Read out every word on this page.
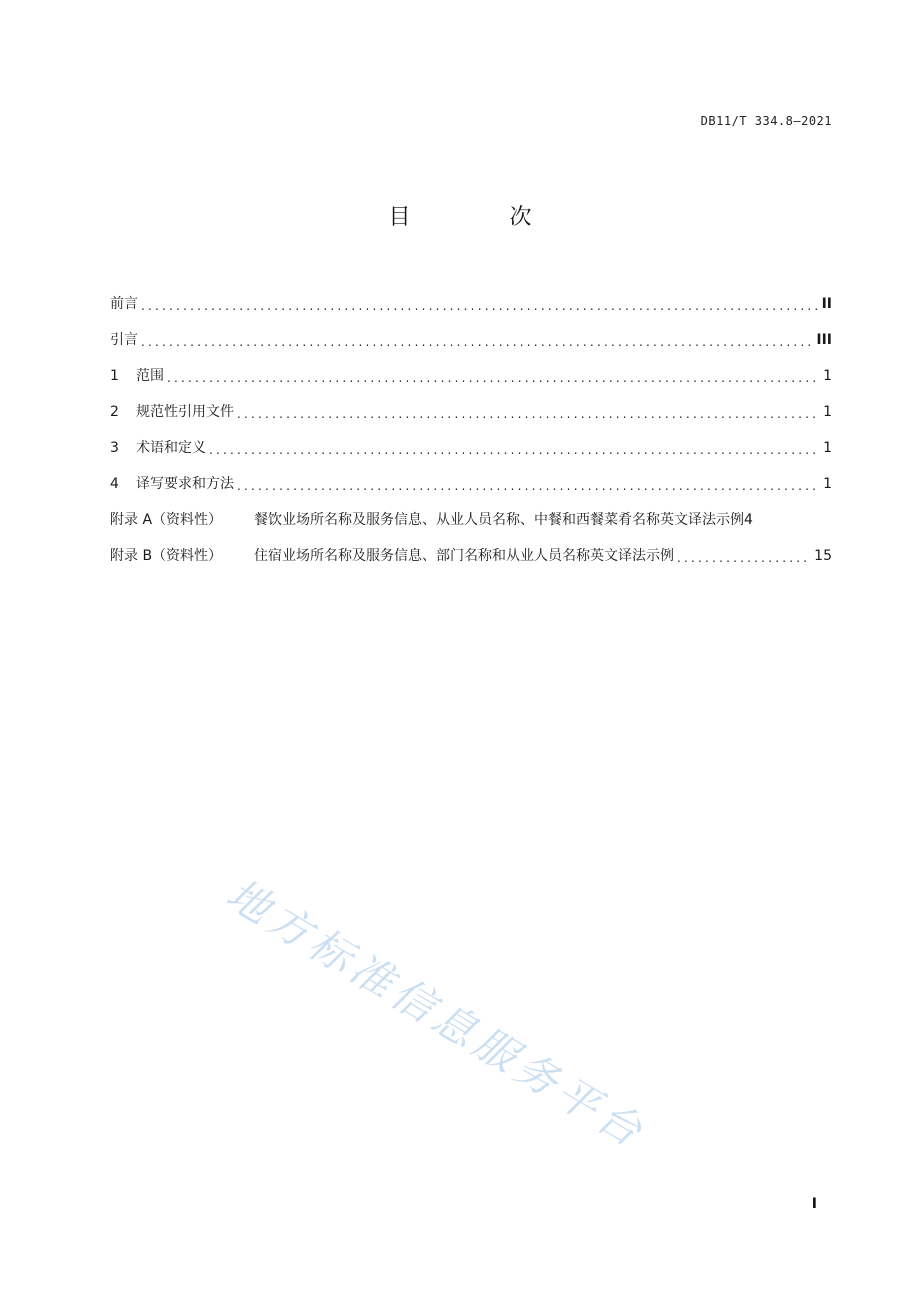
DB11/T 334.8—2021
目 次
前言 .....	II
引言 .....	III
1	范围 .....	1
2	规范性引用文件 .....	1
3	术语和定义 .....	1
4	译写要求和方法 .....	1
附录 A（资料性）	餐饮业场所名称及服务信息、从业人员名称、中餐和西餐菜肴名称英文译法示例 4
附录 B（资料性）	住宿业场所名称及服务信息、部门名称和从业人员名称英文译法示例 .....	15
地方标准信息服务平台
I
